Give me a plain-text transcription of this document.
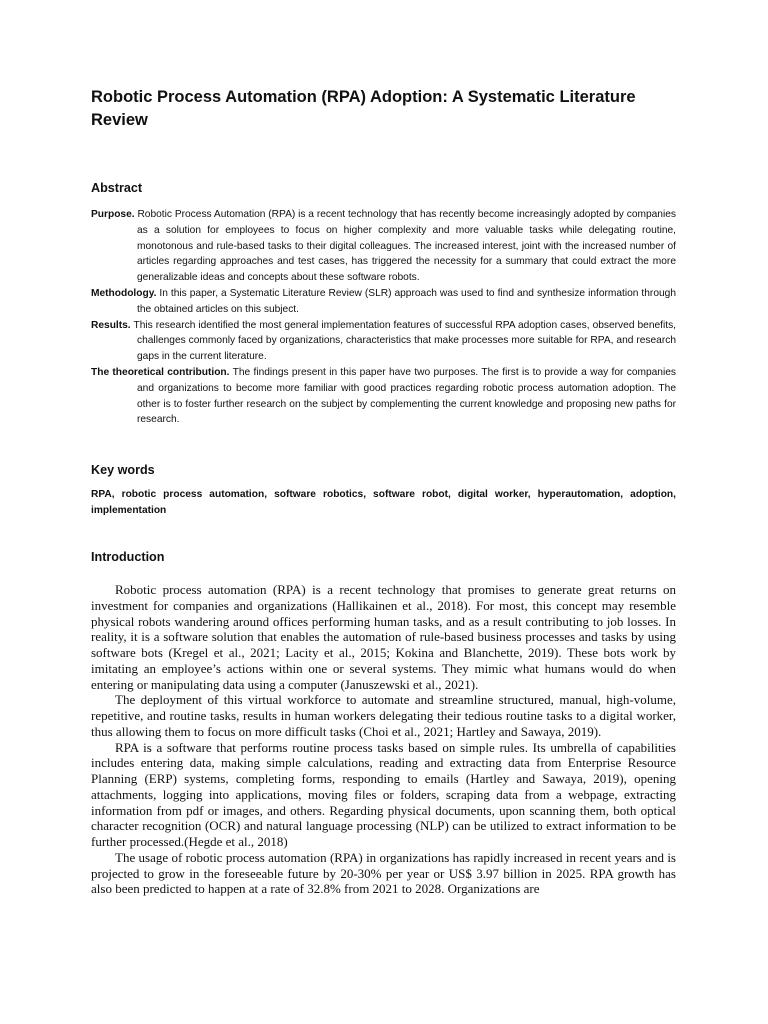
Robotic Process Automation (RPA) Adoption: A Systematic Literature Review
Abstract

Purpose. Robotic Process Automation (RPA) is a recent technology that has recently become increasingly adopted by companies as a solution for employees to focus on higher complexity and more valuable tasks while delegating routine, monotonous and rule-based tasks to their digital colleagues. The increased interest, joint with the increased number of articles regarding approaches and test cases, has triggered the necessity for a summary that could extract the more generalizable ideas and concepts about these software robots.

Methodology. In this paper, a Systematic Literature Review (SLR) approach was used to find and synthesize information through the obtained articles on this subject.

Results. This research identified the most general implementation features of successful RPA adoption cases, observed benefits, challenges commonly faced by organizations, characteristics that make processes more suitable for RPA, and research gaps in the current literature.

The theoretical contribution. The findings present in this paper have two purposes. The first is to provide a way for companies and organizations to become more familiar with good practices regarding robotic process automation adoption. The other is to foster further research on the subject by complementing the current knowledge and proposing new paths for research.

Key words

RPA, robotic process automation, software robotics, software robot, digital worker, hyperautomation, adoption, implementation

Introduction

Robotic process automation (RPA) is a recent technology that promises to generate great returns on investment for companies and organizations (Hallikainen et al., 2018). For most, this concept may resemble physical robots wandering around offices performing human tasks, and as a result contributing to job losses. In reality, it is a software solution that enables the automation of rule-based business processes and tasks by using software bots (Kregel et al., 2021; Lacity et al., 2015; Kokina and Blanchette, 2019). These bots work by imitating an employee’s actions within one or several systems. They mimic what humans would do when entering or manipulating data using a computer (Januszewski et al., 2021).

The deployment of this virtual workforce to automate and streamline structured, manual, high-volume, repetitive, and routine tasks, results in human workers delegating their tedious routine tasks to a digital worker, thus allowing them to focus on more difficult tasks (Choi et al., 2021; Hartley and Sawaya, 2019).

RPA is a software that performs routine process tasks based on simple rules. Its umbrella of capabilities includes entering data, making simple calculations, reading and extracting data from Enterprise Resource Planning (ERP) systems, completing forms, responding to emails (Hartley and Sawaya, 2019), opening attachments, logging into applications, moving files or folders, scraping data from a webpage, extracting information from pdf or images, and others. Regarding physical documents, upon scanning them, both optical character recognition (OCR) and natural language processing (NLP) can be utilized to extract information to be further processed.(Hegde et al., 2018)

The usage of robotic process automation (RPA) in organizations has rapidly increased in recent years and is projected to grow in the foreseeable future by 20-30% per year or US$ 3.97 billion in 2025. RPA growth has also been predicted to happen at a rate of 32.8% from 2021 to 2028. Organizations are
